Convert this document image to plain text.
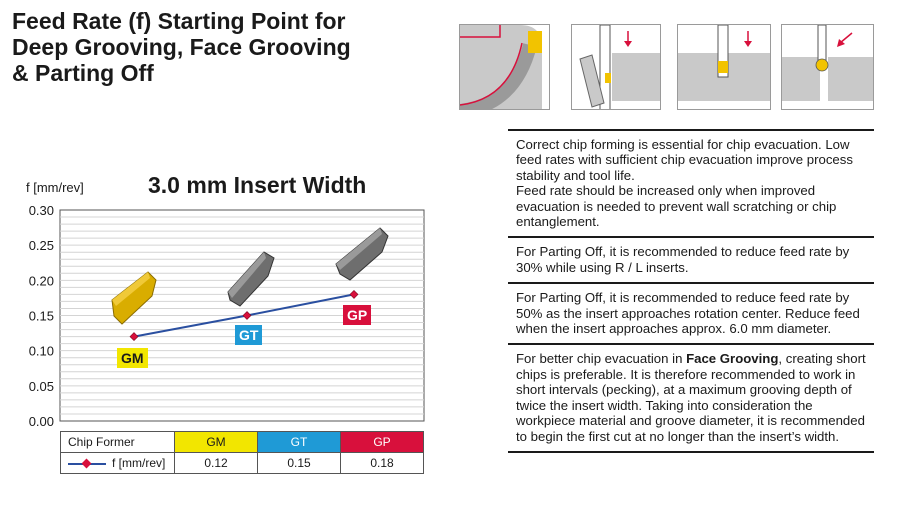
Feed Rate (f) Starting Point for
Deep Grooving, Face Grooving
& Parting Off

Correct chip forming is essential for chip evacuation. Low feed rates with sufficient chip evacuation improve process stability and tool life.

Feed rate should be increased only when improved evacuation is needed to prevent wall scratching or chip entanglement.

For Parting Off, it is recommended to reduce feed rate by 30% while using R / L inserts.

For Parting Off, it is recommended to reduce feed rate by 50% as the insert approaches rotation center. Reduce feed when the insert approaches approx. 6.0 mm diameter.

For better chip evacuation in Face Grooving, creating short chips is preferable. It is therefore recommended to work in short intervals (pecking), at a maximum grooving depth of twice the insert width. Taking into consideration the workpiece material and groove diameter, it is recommended to begin the first cut at no longer than the insert’s width.

f [mm/rev]	3.0 mm Insert Width
0.00
0.05
0.10
0.15
0.20
0.25
0.30
GM
GT
GP
Chip Former	GM	GT	GP
f [mm/rev]	0.12	0.15	0.18
